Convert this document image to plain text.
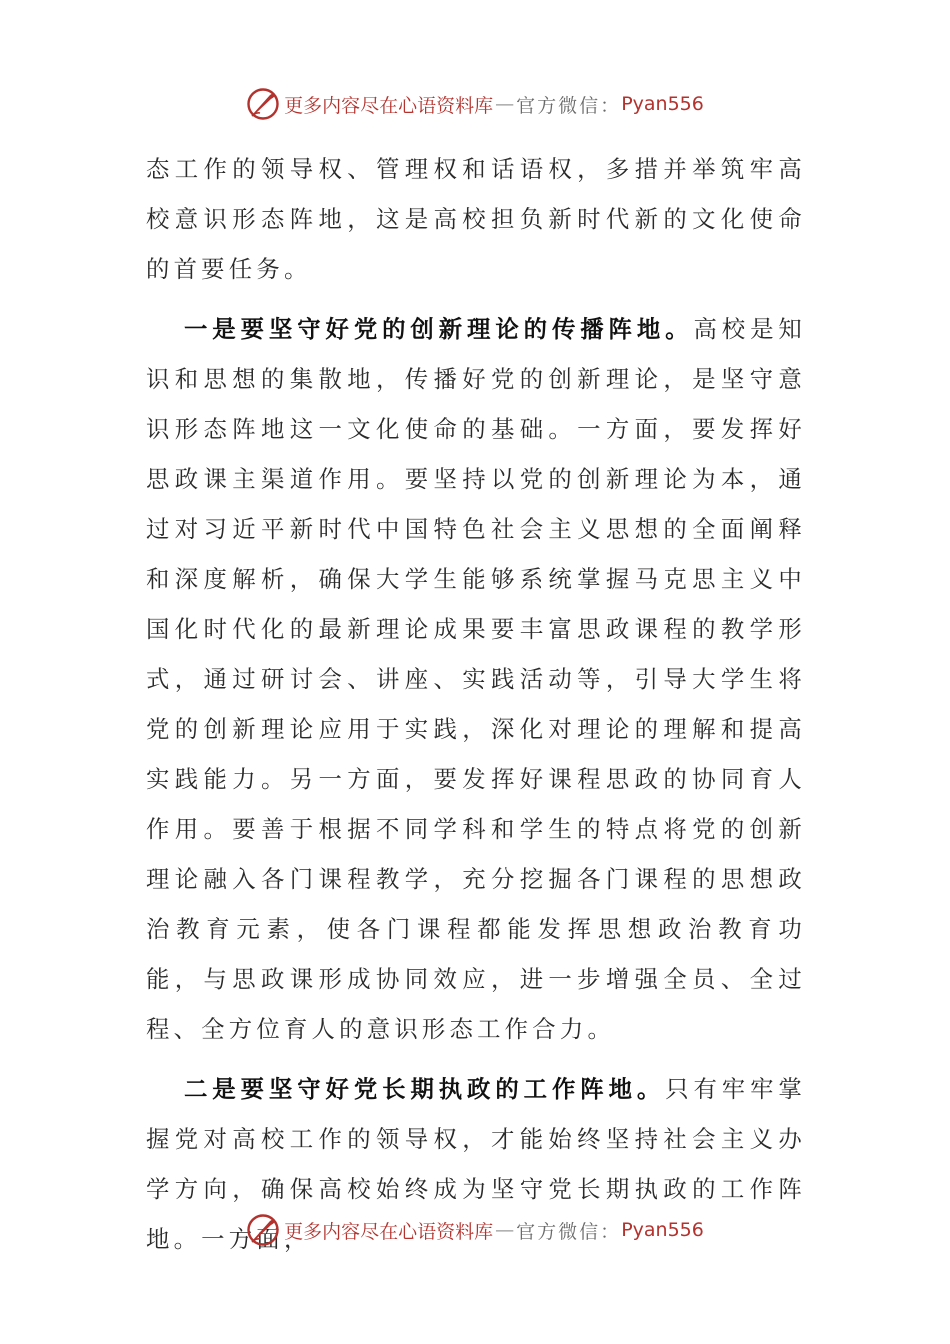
更多内容尽在心语资料库 — 官方微信： Pyan556

态工作的领导权、管理权和话语权，多措并举筑牢高校意识形态阵地，这是高校担负新时代新的文化使命的首要任务。

一是要坚守好党的创新理论的传播阵地。高校是知识和思想的集散地，传播好党的创新理论，是坚守意识形态阵地这一文化使命的基础。一方面，要发挥好思政课主渠道作用。要坚持以党的创新理论为本，通过对习近平新时代中国特色社会主义思想的全面阐释和深度解析，确保大学生能够系统掌握马克思主义中国化时代化的最新理论成果要丰富思政课程的教学形式，通过研讨会、讲座、实践活动等，引导大学生将党的创新理论应用于实践，深化对理论的理解和提高实践能力。另一方面，要发挥好课程思政的协同育人作用。要善于根据不同学科和学生的特点将党的创新理论融入各门课程教学，充分挖掘各门课程的思想政治教育元素，使各门课程都能发挥思想政治教育功能，与思政课形成协同效应，进一步增强全员、全过程、全方位育人的意识形态工作合力。

二是要坚守好党长期执政的工作阵地。只有牢牢掌握党对高校工作的领导权，才能始终坚持社会主义办学方向，确保高校始终成为坚守党长期执政的工作阵地。一方面，

更多内容尽在心语资料库 — 官方微信： Pyan556
